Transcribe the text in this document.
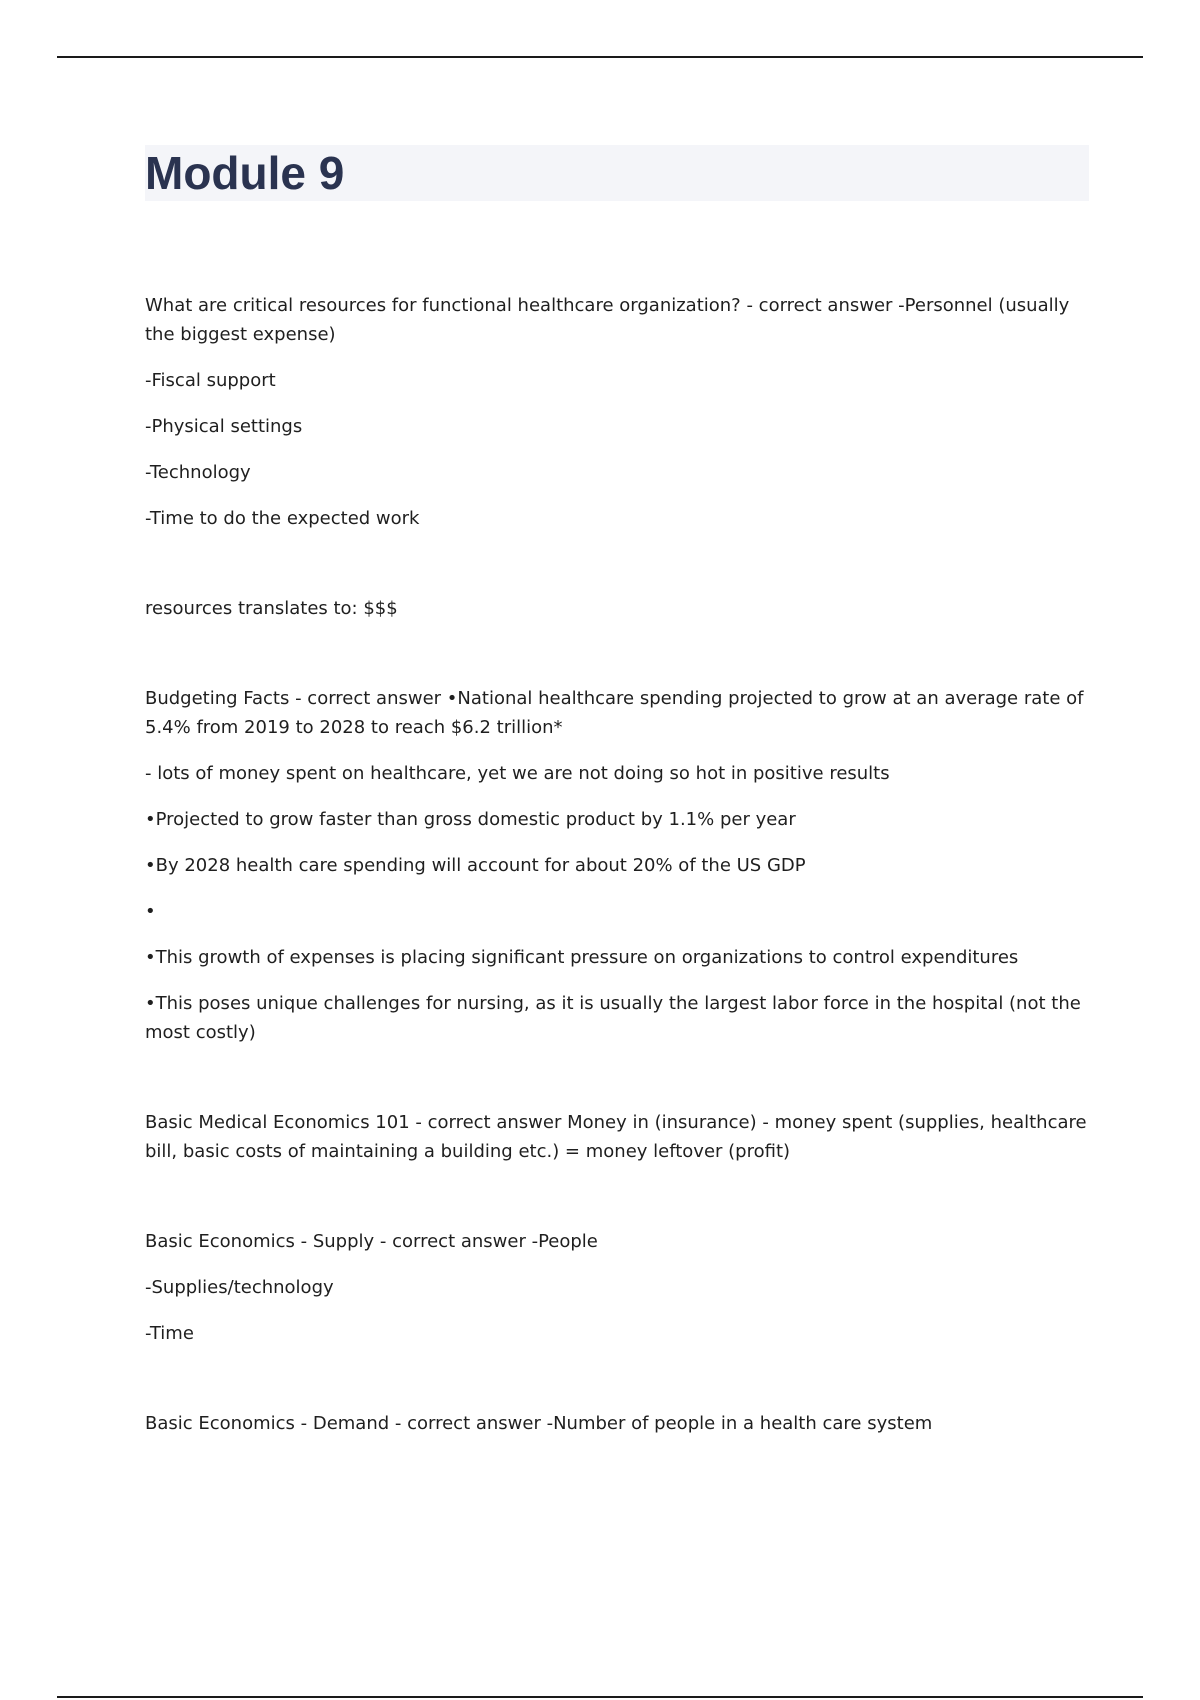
Module 9

What are critical resources for functional healthcare organization? - correct answer -Personnel (usually the biggest expense)

-Fiscal support

-Physical settings

-Technology

-Time to do the expected work

resources translates to: $$$

Budgeting Facts - correct answer •National healthcare spending projected to grow at an average rate of 5.4% from 2019 to 2028 to reach $6.2 trillion*

- lots of money spent on healthcare, yet we are not doing so hot in positive results

•Projected to grow faster than gross domestic product by 1.1% per year

•By 2028 health care spending will account for about 20% of the US GDP

•

•This growth of expenses is placing significant pressure on organizations to control expenditures

•This poses unique challenges for nursing, as it is usually the largest labor force in the hospital (not the most costly)

Basic Medical Economics 101 - correct answer Money in (insurance) - money spent (supplies, healthcare bill, basic costs of maintaining a building etc.) = money leftover (profit)

Basic Economics - Supply - correct answer -People

-Supplies/technology

-Time

Basic Economics - Demand - correct answer -Number of people in a health care system
